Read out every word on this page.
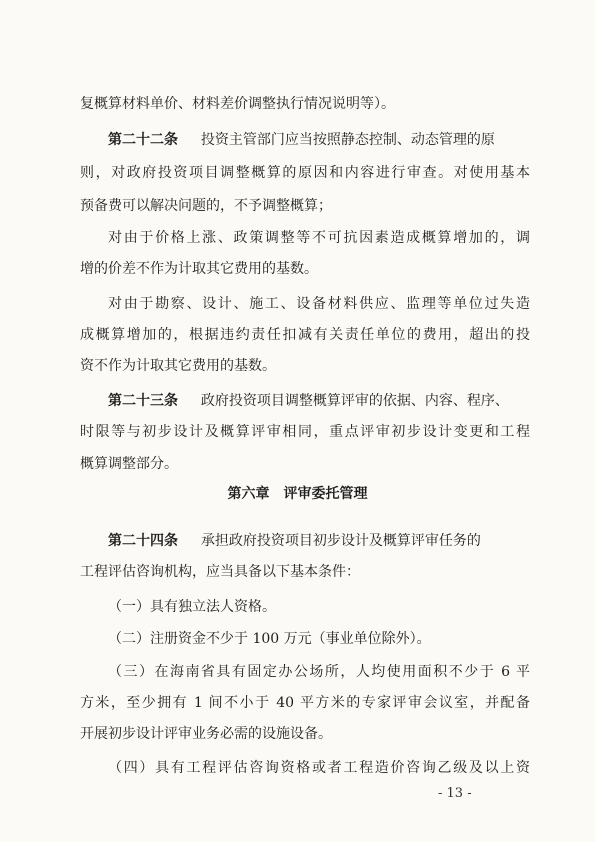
复概算材料单价、材料差价调整执行情况说明等）。
第二十二条 投资主管部门应当按照静态控制、动态管理的原
则，对政府投资项目调整概算的原因和内容进行审查。对使用基本
预备费可以解决问题的，不予调整概算；
对由于价格上涨、政策调整等不可抗因素造成概算增加的，调
增的价差不作为计取其它费用的基数。
对由于勘察、设计、施工、设备材料供应、监理等单位过失造
成概算增加的，根据违约责任扣减有关责任单位的费用，超出的投
资不作为计取其它费用的基数。
第二十三条 政府投资项目调整概算评审的依据、内容、程序、
时限等与初步设计及概算评审相同，重点评审初步设计变更和工程
概算调整部分。
第六章　评审委托管理
第二十四条 承担政府投资项目初步设计及概算评审任务的
工程评估咨询机构，应当具备以下基本条件：
（一）具有独立法人资格。
（二）注册资金不少于 100 万元（事业单位除外）。
（三）在海南省具有固定办公场所，人均使用面积不少于 6 平
方米，至少拥有 1 间不小于 40 平方米的专家评审会议室，并配备
开展初步设计评审业务必需的设施设备。
（四）具有工程评估咨询资格或者工程造价咨询乙级及以上资
- 13 -
